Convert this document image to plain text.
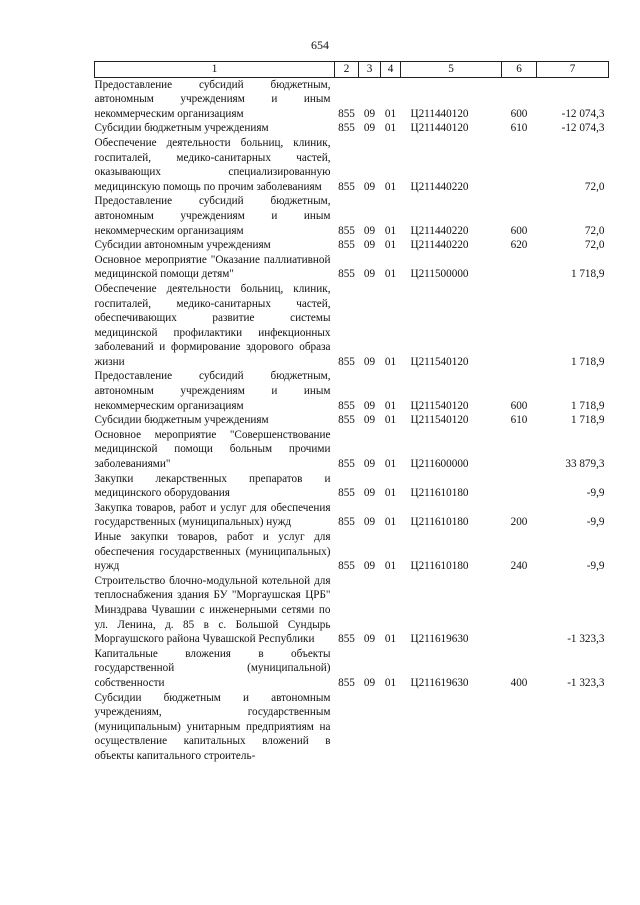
654
1	2	3	4	5	6	7
Предоставление субсидий бюджетным, автономным учреждениям и иным некоммерческим организациям	855	09	01	Ц211440120	600	-12 074,3
Субсидии бюджетным учреждениям	855	09	01	Ц211440120	610	-12 074,3
Обеспечение деятельности больниц, клиник, госпиталей, медико-санитарных частей, оказывающих специализированную медицинскую помощь по прочим заболеваниям	855	09	01	Ц211440220		72,0
Предоставление субсидий бюджетным, автономным учреждениям и иным некоммерческим организациям	855	09	01	Ц211440220	600	72,0
Субсидии автономным учреждениям	855	09	01	Ц211440220	620	72,0
Основное мероприятие "Оказание паллиативной медицинской помощи детям"	855	09	01	Ц211500000		1 718,9
Обеспечение деятельности больниц, клиник, госпиталей, медико-санитарных частей, обеспечивающих развитие системы медицинской профилактики инфекционных заболеваний и формирование здорового образа жизни	855	09	01	Ц211540120		1 718,9
Предоставление субсидий бюджетным, автономным учреждениям и иным некоммерческим организациям	855	09	01	Ц211540120	600	1 718,9
Субсидии бюджетным учреждениям	855	09	01	Ц211540120	610	1 718,9
Основное мероприятие "Совершенствование медицинской помощи больным прочими заболеваниями"	855	09	01	Ц211600000		33 879,3
Закупки лекарственных препаратов и медицинского оборудования	855	09	01	Ц211610180		-9,9
Закупка товаров, работ и услуг для обеспечения государственных (муниципальных) нужд	855	09	01	Ц211610180	200	-9,9
Иные закупки товаров, работ и услуг для обеспечения государственных (муниципальных) нужд	855	09	01	Ц211610180	240	-9,9
Строительство блочно-модульной котельной для теплоснабжения здания БУ "Моргаушская ЦРБ" Минздрава Чувашии с инженерными сетями по ул. Ленина, д. 85 в с. Большой Сундырь Моргаушского района Чувашской Республики	855	09	01	Ц211619630		-1 323,3
Капитальные вложения в объекты государственной (муниципальной) собственности	855	09	01	Ц211619630	400	-1 323,3
Субсидии бюджетным и автономным учреждениям, государственным (муниципальным) унитарным предприятиям на осуществление капитальных вложений в объекты капитального строитель-						
